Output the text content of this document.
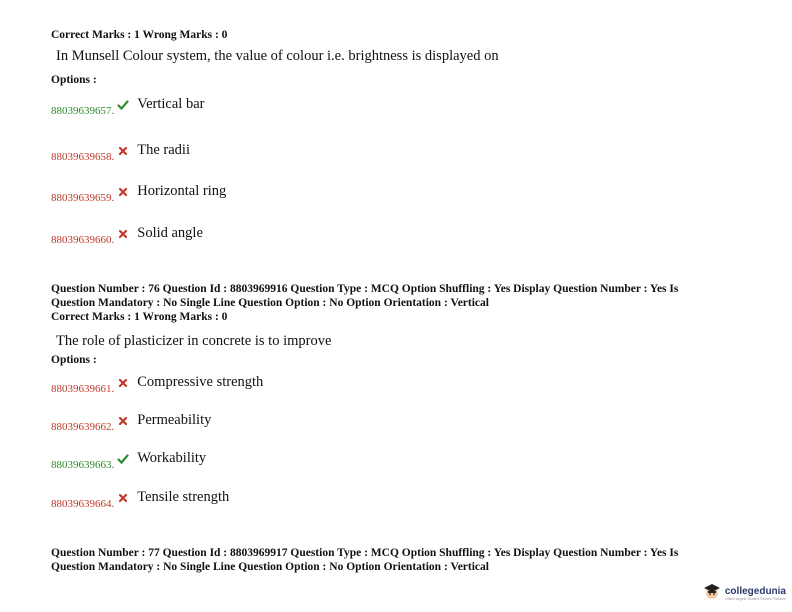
Correct Marks : 1 Wrong Marks : 0
In Munsell Colour system, the value of colour i.e. brightness is displayed on
Options :
$_{88039639657.}$ Vertical bar
$_{88039639658.}$ The radii
$_{88039639659.}$ Horizontal ring
$_{88039639660.}$ Solid angle
Question Number : 76 Question Id : 8803969916 Question Type : MCQ Option Shuffling : Yes Display Question Number : Yes Is
Question Mandatory : No Single Line Question Option : No Option Orientation : Vertical
Correct Marks : 1 Wrong Marks : 0
The role of plasticizer in concrete is to improve
Options :
$_{88039639661.}$ Compressive strength
$_{88039639662.}$ Permeability
$_{88039639663.}$ Workability
$_{88039639664.}$ Tensile strength
Question Number : 77 Question Id : 8803969917 Question Type : MCQ Option Shuffling : Yes Display Question Number : Yes Is
Question Mandatory : No Single Line Question Option : No Option Orientation : Vertical
collegedunia
India's largest Student Review Platform
